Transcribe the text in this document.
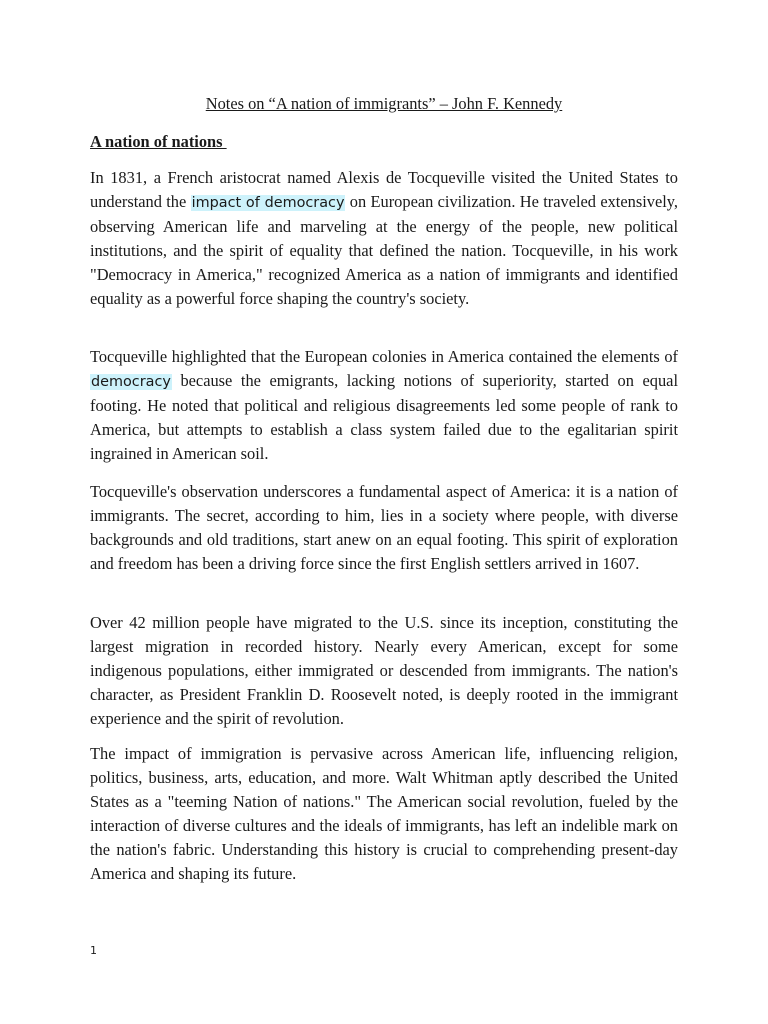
Notes on “A nation of immigrants” – John F. Kennedy
A nation of nations

In 1831, a French aristocrat named Alexis de Tocqueville visited the United States to understand the impact of democracy on European civilization. He traveled extensively, observing American life and marveling at the energy of the people, new political institutions, and the spirit of equality that defined the nation. Tocqueville, in his work "Democracy in America," recognized America as a nation of immigrants and identified equality as a powerful force shaping the country's society.

Tocqueville highlighted that the European colonies in America contained the elements of democracy because the emigrants, lacking notions of superiority, started on equal footing. He noted that political and religious disagreements led some people of rank to America, but attempts to establish a class system failed due to the egalitarian spirit ingrained in American soil.

Tocqueville's observation underscores a fundamental aspect of America: it is a nation of immigrants. The secret, according to him, lies in a society where people, with diverse backgrounds and old traditions, start anew on an equal footing. This spirit of exploration and freedom has been a driving force since the first English settlers arrived in 1607.

Over 42 million people have migrated to the U.S. since its inception, constituting the largest migration in recorded history. Nearly every American, except for some indigenous populations, either immigrated or descended from immigrants. The nation's character, as President Franklin D. Roosevelt noted, is deeply rooted in the immigrant experience and the spirit of revolution.

The impact of immigration is pervasive across American life, influencing religion, politics, business, arts, education, and more. Walt Whitman aptly described the United States as a "teeming Nation of nations." The American social revolution, fueled by the interaction of diverse cultures and the ideals of immigrants, has left an indelible mark on the nation's fabric. Understanding this history is crucial to comprehending present-day America and shaping its future.

1
